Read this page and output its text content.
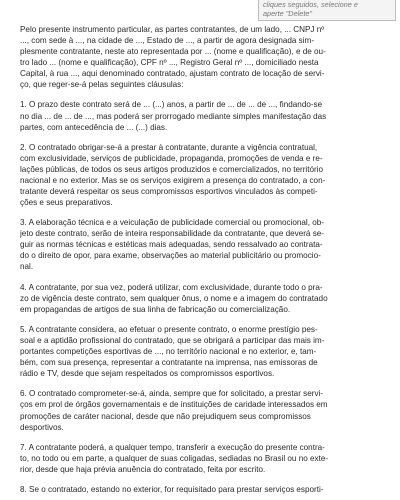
cliques seguidos, selecione e
aperte "Delete"
Pelo presente instrumento particular, as partes contratantes, de um lado, ... CNPJ nº
..., com sede à ..., na cidade de ..., Estado de ..., a partir de agora designada sim-
plesmente contratante, neste ato representada por ... (nome e qualificação), e de ou-
tro lado ... (nome e qualificação), CPF nº ..., Registro Geral nº ..., domiciliado nesta
Capital, à rua ..., aqui denominado contratado, ajustam contrato de locação de servi-
ço, que reger-se-á pelas seguintes cláusulas:
1. O prazo deste contrato será de ... (...) anos, a partir de ... de ... de ..., findando-se
no dia ... de ... de ..., mas poderá ser prorrogado mediante simples manifestação das
partes, com antecedência de ... (...) dias.
2. O contratado obrigar-se-á a prestar à contratante, durante a vigência contratual,
com exclusividade, serviços de publicidade, propaganda, promoções de venda e re-
lações públicas, de todos os seus artigos produzidos e comercializados, no território
nacional e no exterior. Mas se os serviços exigirem a presença do contratado, a con-
tratante deverá respeitar os seus compromissos esportivos vinculados às competi-
ções e seus preparativos.
3. A elaboração técnica e a veiculação de publicidade comercial ou promocional, ob-
jeto deste contrato, serão de inteira responsabilidade da contratante, que deverá se-
guir as normas técnicas e estéticas mais adequadas, sendo ressalvado ao contrata-
do o direito de opor, para exame, observações ao material publicitário ou promocio-
nal.
4. A contratante, por sua vez, poderá utilizar, com exclusividade, durante todo o pra-
zo de vigência deste contrato, sem qualquer ônus, o nome e a imagem do contratado
em propagandas de artigos de sua linha de fabricação ou comercialização.
5. A contratante considera, ao efetuar o presente contrato, o enorme prestígio pes-
soal e a aptidão profissional do contratado, que se obrigará a participar das mais im-
portantes competições esportivas de ..., no território nacional e no exterior, e, tam-
bém, com sua presença, representar a contratante na imprensa, nas emissoras de
rádio e TV, desde que sejam respeitados os compromissos esportivos.
6. O contratado comprometer-se-á, ainda, sempre que for solicitado, a prestar servi-
ços em prol de órgãos governamentais e de instituições de caridade interessados em
promoções de caráter nacional, desde que não prejudiquem seus compromissos
desportivos.
7. A contratante poderá, a qualquer tempo, transferir a execução do presente contra-
to, no todo ou em parte, a qualquer de suas coligadas, sediadas no Brasil ou no exte-
rior, desde que haja prévia anuência do contratado, feita por escrito.
8. Se o contratado, estando no exterior, for requisitado para prestar serviços esporti-
